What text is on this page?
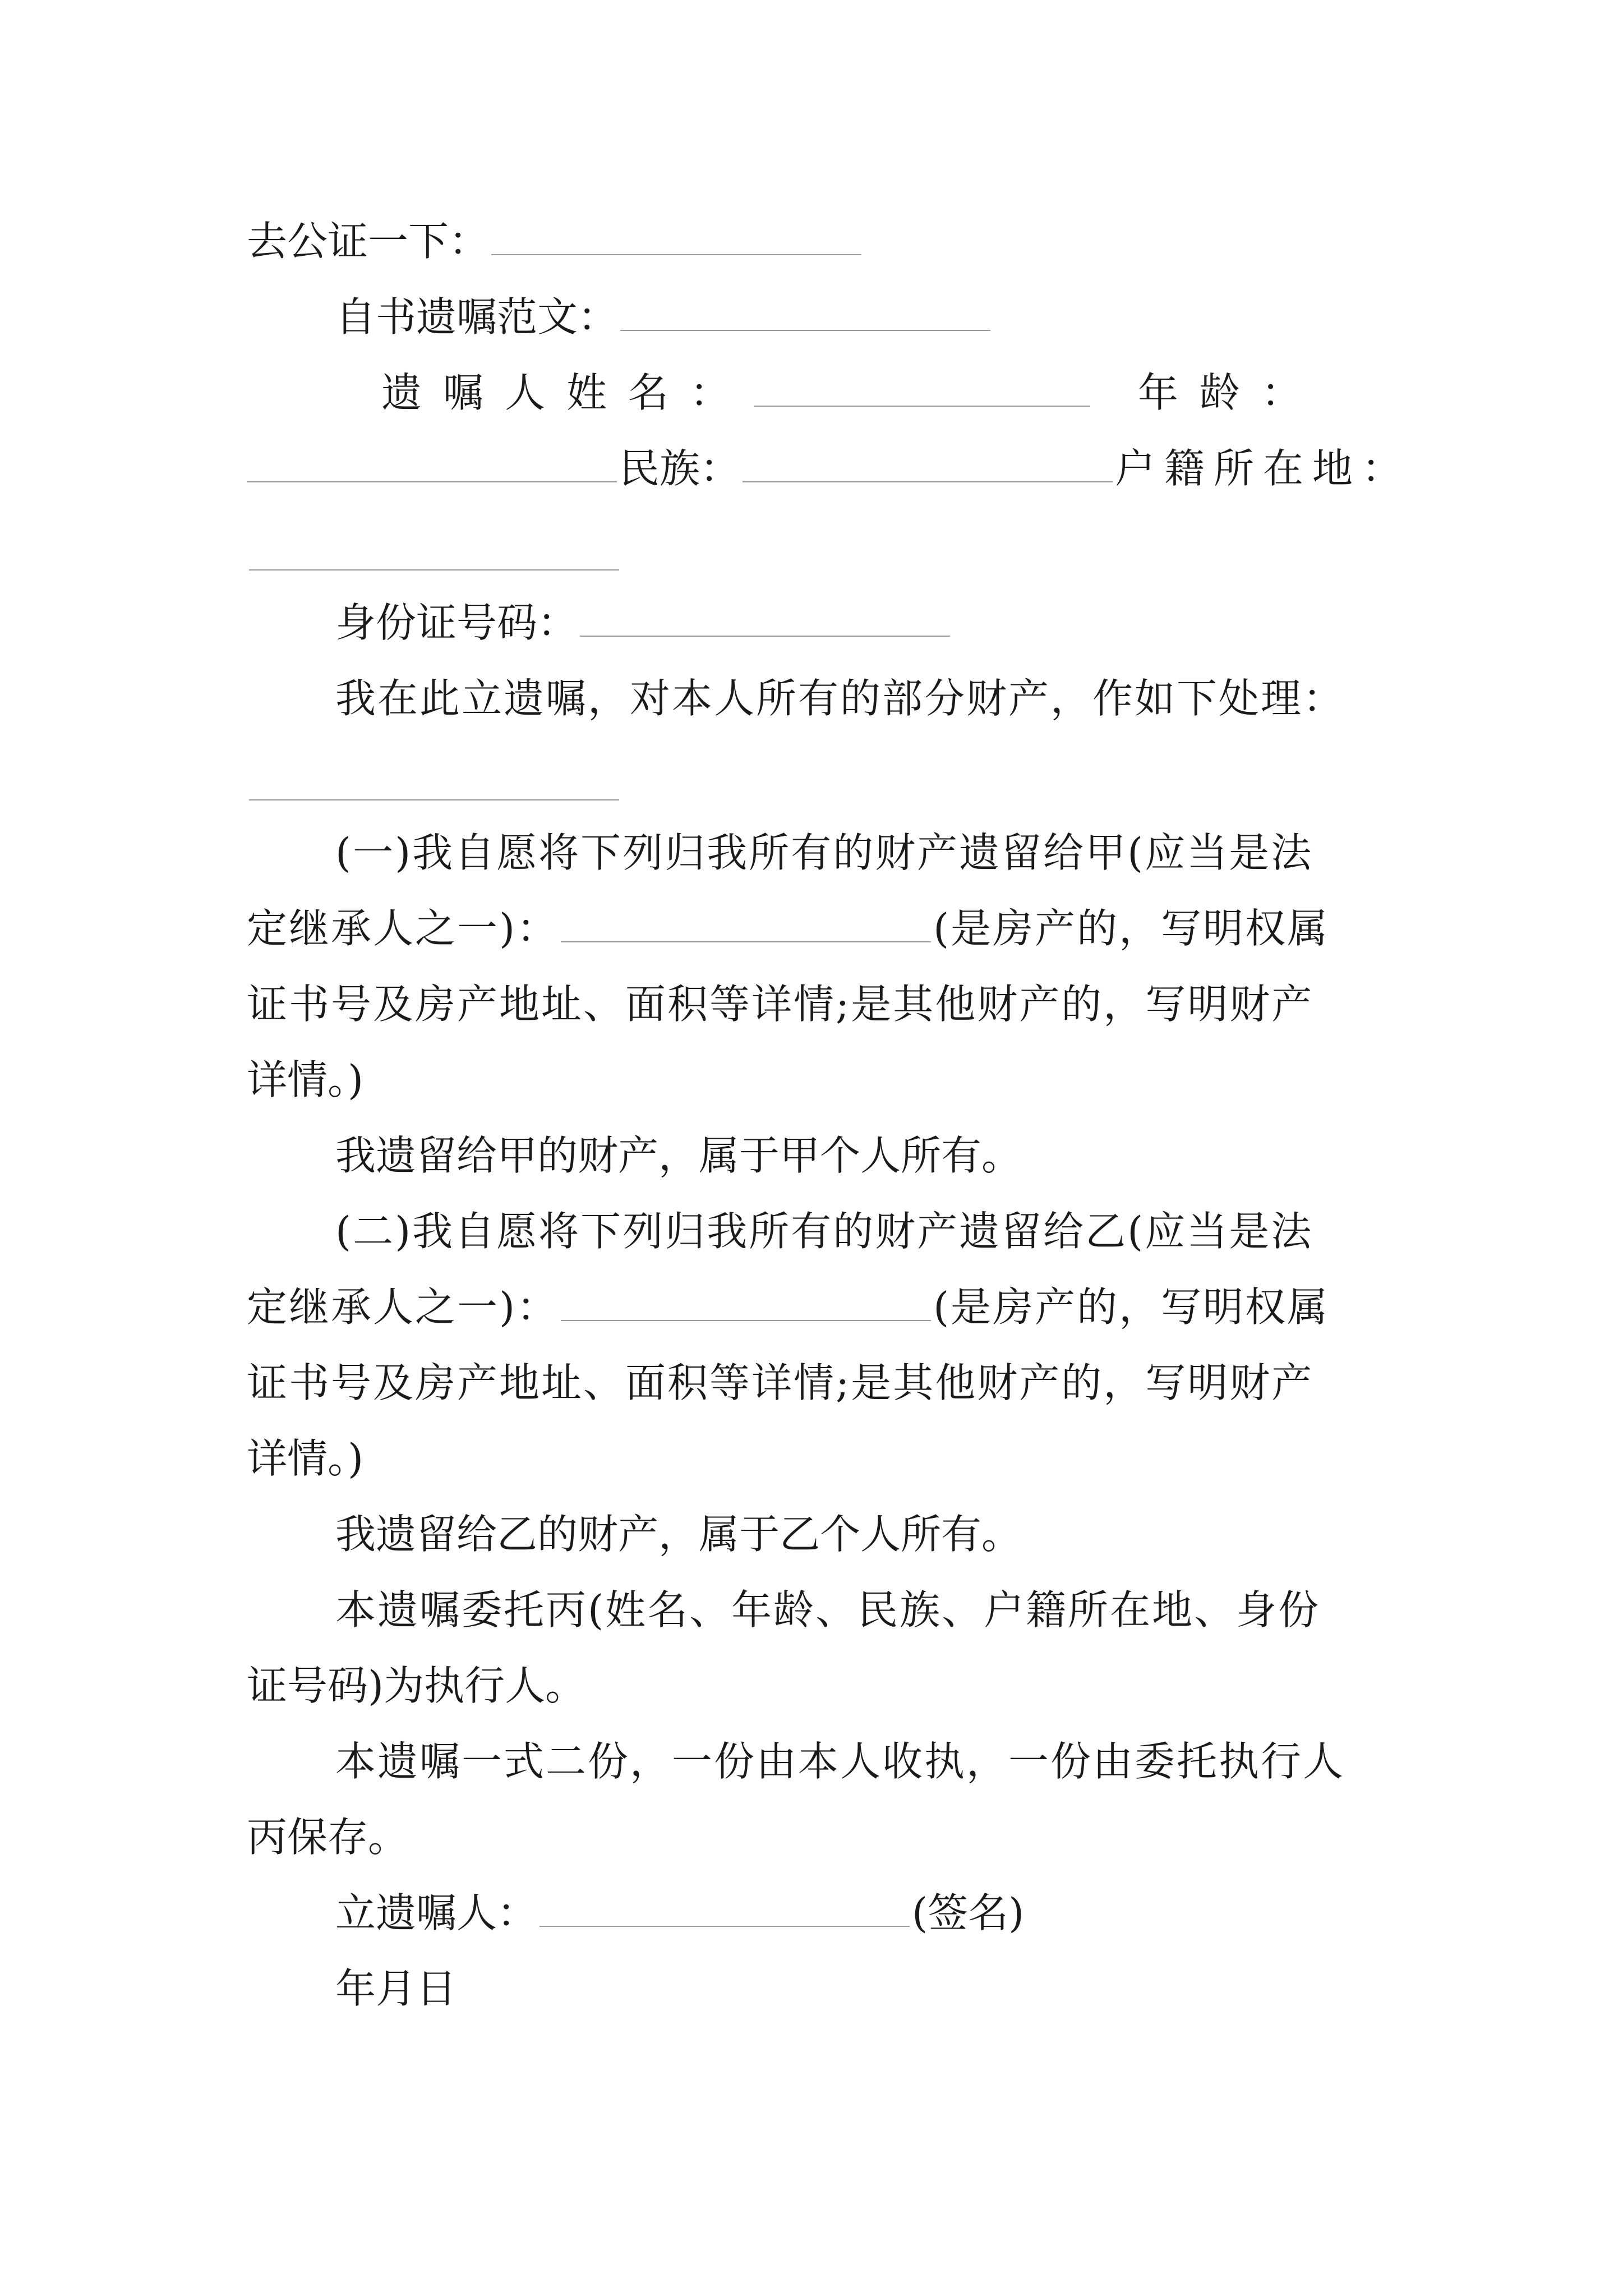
去公证一下：
自书遗嘱范文：
遗嘱人姓名：	年龄：
民族：	户籍所在地：
身份证号码：
我在此立遗嘱，对本人所有的部分财产，作如下处理：
(一)我自愿将下列归我所有的财产遗留给甲(应当是法
定继承人之一)：	(是房产的，写明权属
证书号及房产地址、面积等详情;是其他财产的，写明财产
详情。)
我遗留给甲的财产，属于甲个人所有。
(二)我自愿将下列归我所有的财产遗留给乙(应当是法
定继承人之一)：	(是房产的，写明权属
证书号及房产地址、面积等详情;是其他财产的，写明财产
详情。)
我遗留给乙的财产，属于乙个人所有。
本遗嘱委托丙(姓名、年龄、民族、户籍所在地、身份
证号码)为执行人。
本遗嘱一式二份，一份由本人收执，一份由委托执行人
丙保存。
立遗嘱人：	(签名)
年月日
